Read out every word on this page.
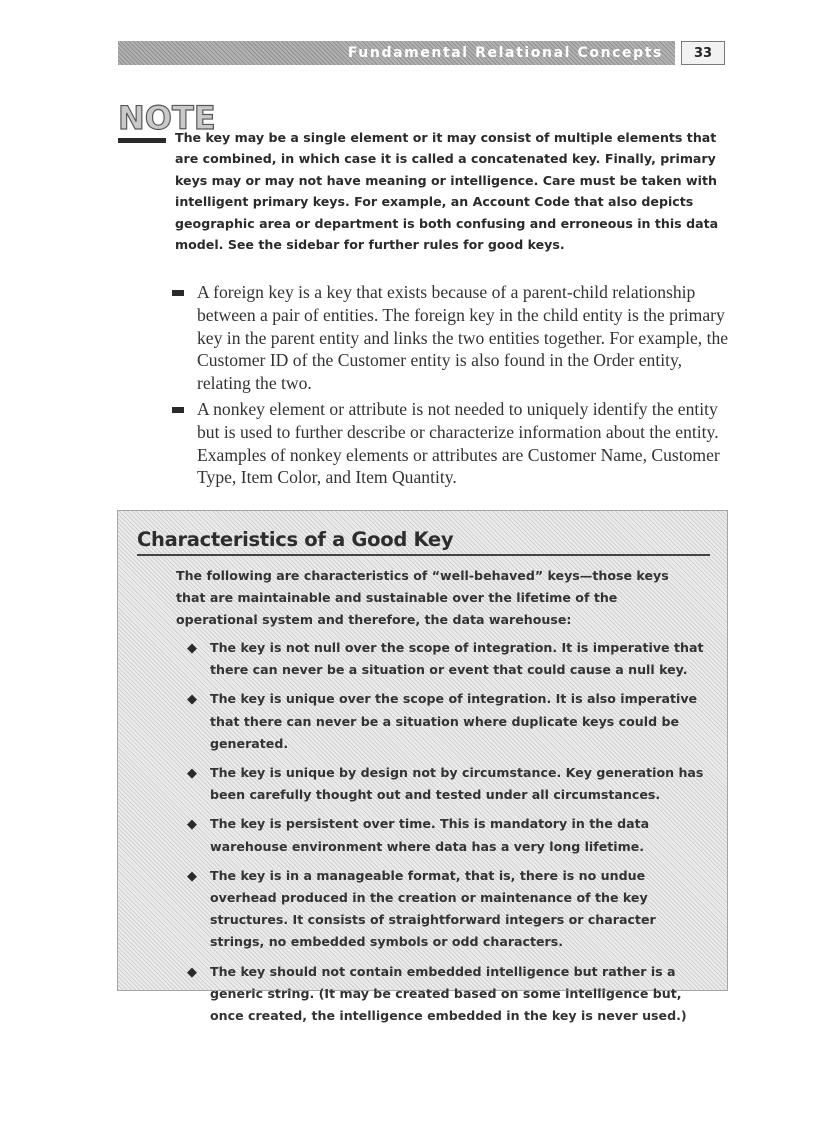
Fundamental Relational Concepts	33
NOTE

The key may be a single element or it may consist of multiple elements that are combined, in which case it is called a concatenated key. Finally, primary keys may or may not have meaning or intelligence. Care must be taken with intelligent primary keys. For example, an Account Code that also depicts geographic area or department is both confusing and erroneous in this data model. See the sidebar for further rules for good keys.

A foreign key is a key that exists because of a parent-child relationship between a pair of entities. The foreign key in the child entity is the primary key in the parent entity and links the two entities together. For example, the Customer ID of the Customer entity is also found in the Order entity, relating the two.
A nonkey element or attribute is not needed to uniquely identify the entity but is used to further describe or characterize information about the entity. Examples of nonkey elements or attributes are Customer Name, Customer Type, Item Color, and Item Quantity.
Characteristics of a Good Key

The following are characteristics of “well-behaved” keys—those keys that are maintainable and sustainable over the lifetime of the operational system and therefore, the data warehouse:

◆ The key is not null over the scope of integration. It is imperative that there can never be a situation or event that could cause a null key.
◆ The key is unique over the scope of integration. It is also imperative that there can never be a situation where duplicate keys could be generated.
◆ The key is unique by design not by circumstance. Key generation has been carefully thought out and tested under all circumstances.
◆ The key is persistent over time. This is mandatory in the data warehouse environment where data has a very long lifetime.
◆ The key is in a manageable format, that is, there is no undue overhead produced in the creation or maintenance of the key structures. It consists of straightforward integers or character strings, no embedded symbols or odd characters.
◆ The key should not contain embedded intelligence but rather is a generic string. (It may be created based on some intelligence but, once created, the intelligence embedded in the key is never used.)
